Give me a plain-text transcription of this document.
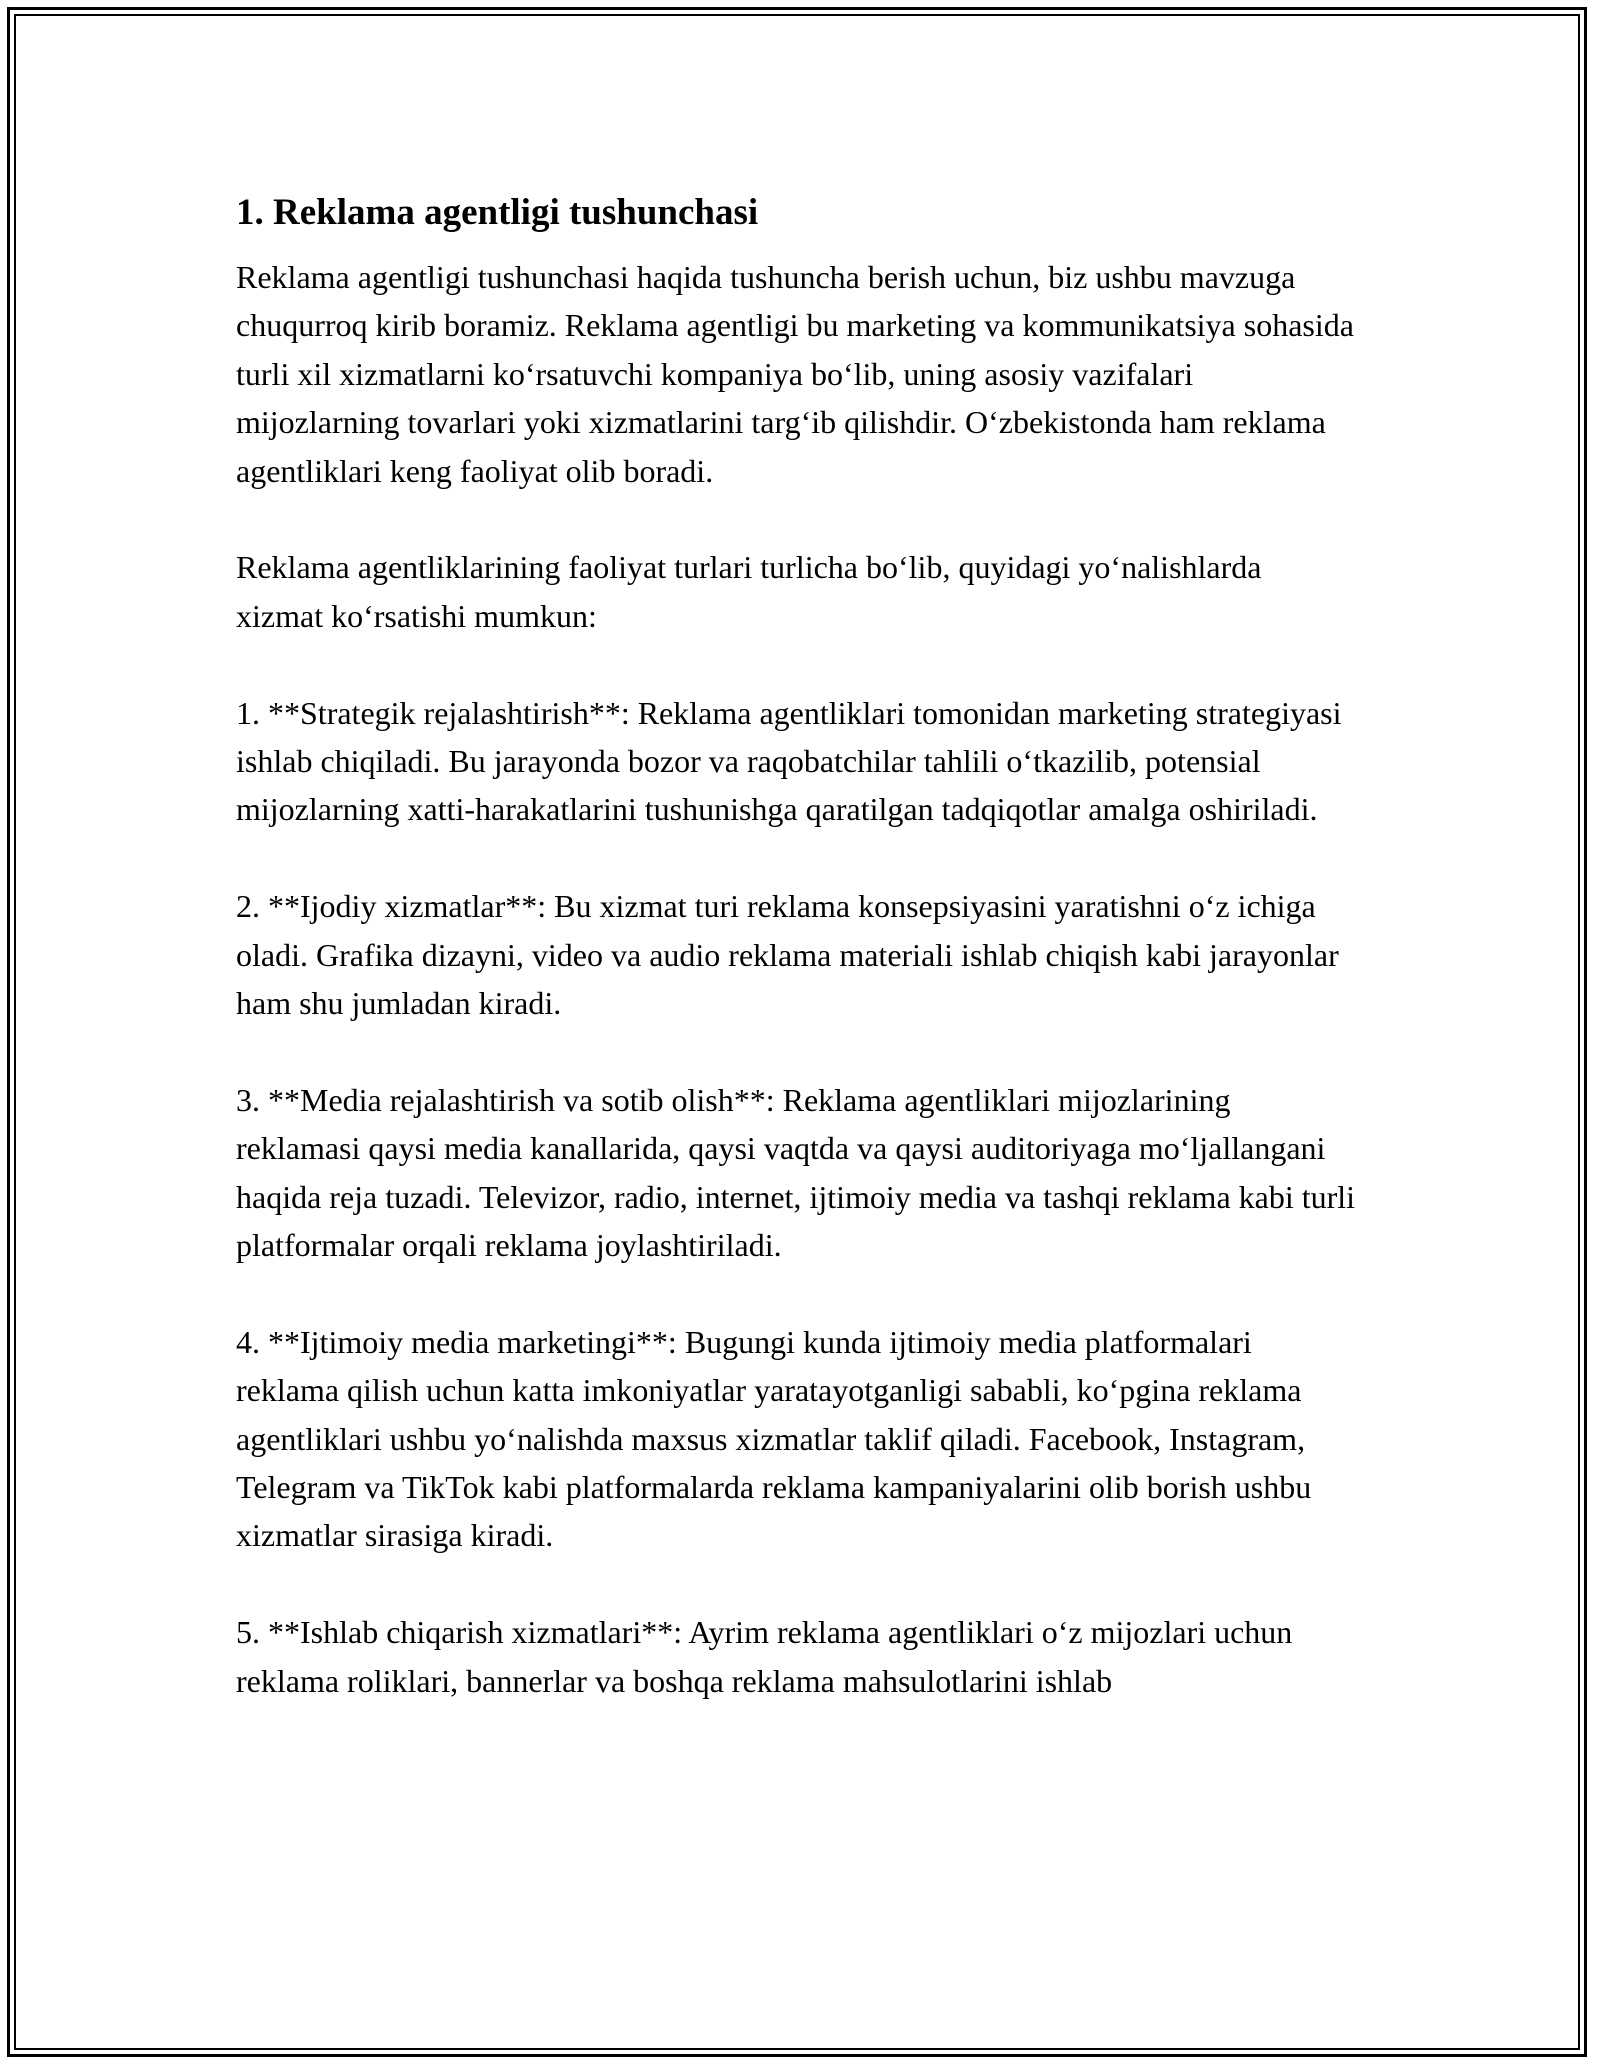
1. Reklama agentligi tushunchasi

Reklama agentligi tushunchasi haqida tushuncha berish uchun, biz ushbu mavzuga chuqurroq kirib boramiz. Reklama agentligi bu marketing va kommunikatsiya sohasida turli xil xizmatlarni ko‘rsatuvchi kompaniya bo‘lib, uning asosiy vazifalari mijozlarning tovarlari yoki xizmatlarini targ‘ib qilishdir. O‘zbekistonda ham reklama agentliklari keng faoliyat olib boradi.

Reklama agentliklarining faoliyat turlari turlicha bo‘lib, quyidagi yo‘nalishlarda xizmat ko‘rsatishi mumkun:

1. **Strategik rejalashtirish**: Reklama agentliklari tomonidan marketing strategiyasi ishlab chiqiladi. Bu jarayonda bozor va raqobatchilar tahlili o‘tkazilib, potensial mijozlarning xatti-harakatlarini tushunishga qaratilgan tadqiqotlar amalga oshiriladi.

2. **Ijodiy xizmatlar**: Bu xizmat turi reklama konsepsiyasini yaratishni o‘z ichiga oladi. Grafika dizayni, video va audio reklama materiali ishlab chiqish kabi jarayonlar ham shu jumladan kiradi.

3. **Media rejalashtirish va sotib olish**: Reklama agentliklari mijozlarining reklamasi qaysi media kanallarida, qaysi vaqtda va qaysi auditoriyaga mo‘ljallangani haqida reja tuzadi. Televizor, radio, internet, ijtimoiy media va tashqi reklama kabi turli platformalar orqali reklama joylashtiriladi.

4. **Ijtimoiy media marketingi**: Bugungi kunda ijtimoiy media platformalari reklama qilish uchun katta imkoniyatlar yaratayotganligi sababli, ko‘pgina reklama agentliklari ushbu yo‘nalishda maxsus xizmatlar taklif qiladi. Facebook, Instagram, Telegram va TikTok kabi platformalarda reklama kampaniyalarini olib borish ushbu xizmatlar sirasiga kiradi.

5. **Ishlab chiqarish xizmatlari**: Ayrim reklama agentliklari o‘z mijozlari uchun reklama roliklari, bannerlar va boshqa reklama mahsulotlarini ishlab
